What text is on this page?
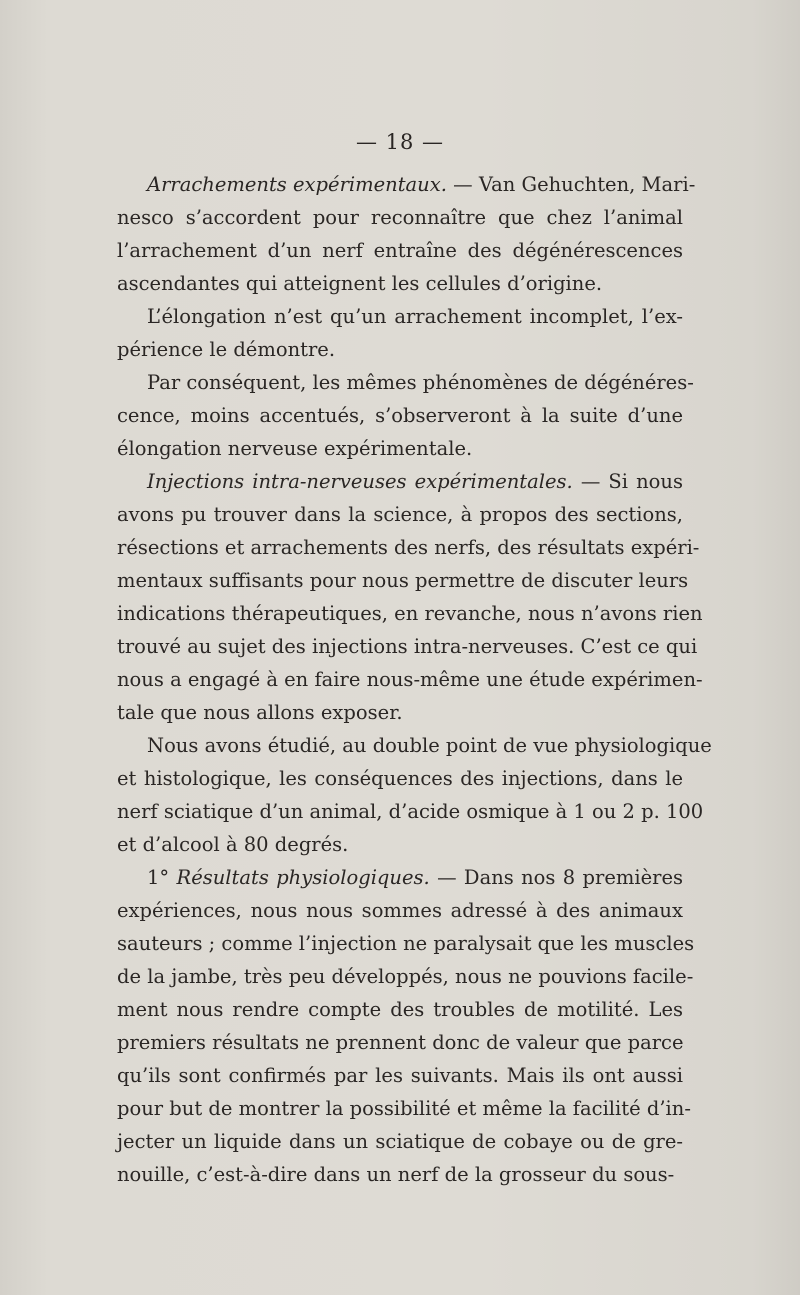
— 18 —
Arrachements expérimentaux. — Van Gehuchten, Mari-
nesco s’accordent pour reconnaître que chez l’animal
l’arrachement d’un nerf entraîne des dégénérescences
ascendantes qui atteignent les cellules d’origine.
L’élongation n’est qu’un arrachement incomplet, l’ex-
périence le démontre.
Par conséquent, les mêmes phénomènes de dégénéres-
cence, moins accentués, s’observeront à la suite d’une
élongation nerveuse expérimentale.
Injections intra-nerveuses expérimentales. — Si nous
avons pu trouver dans la science, à propos des sections,
résections et arrachements des nerfs, des résultats expéri-
mentaux suffisants pour nous permettre de discuter leurs
indications thérapeutiques, en revanche, nous n’avons rien
trouvé au sujet des injections intra-nerveuses. C’est ce qui
nous a engagé à en faire nous-même une étude expérimen-
tale que nous allons exposer.
Nous avons étudié, au double point de vue physiologique
et histologique, les conséquences des injections, dans le
nerf sciatique d’un animal, d’acide osmique à 1 ou 2 p. 100
et d’alcool à 80 degrés.
1° Résultats physiologiques. — Dans nos 8 premières
expériences, nous nous sommes adressé à des animaux
sauteurs ; comme l’injection ne paralysait que les muscles
de la jambe, très peu développés, nous ne pouvions facile-
ment nous rendre compte des troubles de motilité. Les
premiers résultats ne prennent donc de valeur que parce
qu’ils sont confirmés par les suivants. Mais ils ont aussi
pour but de montrer la possibilité et même la facilité d’in-
jecter un liquide dans un sciatique de cobaye ou de gre-
nouille, c’est-à-dire dans un nerf de la grosseur du sous-
